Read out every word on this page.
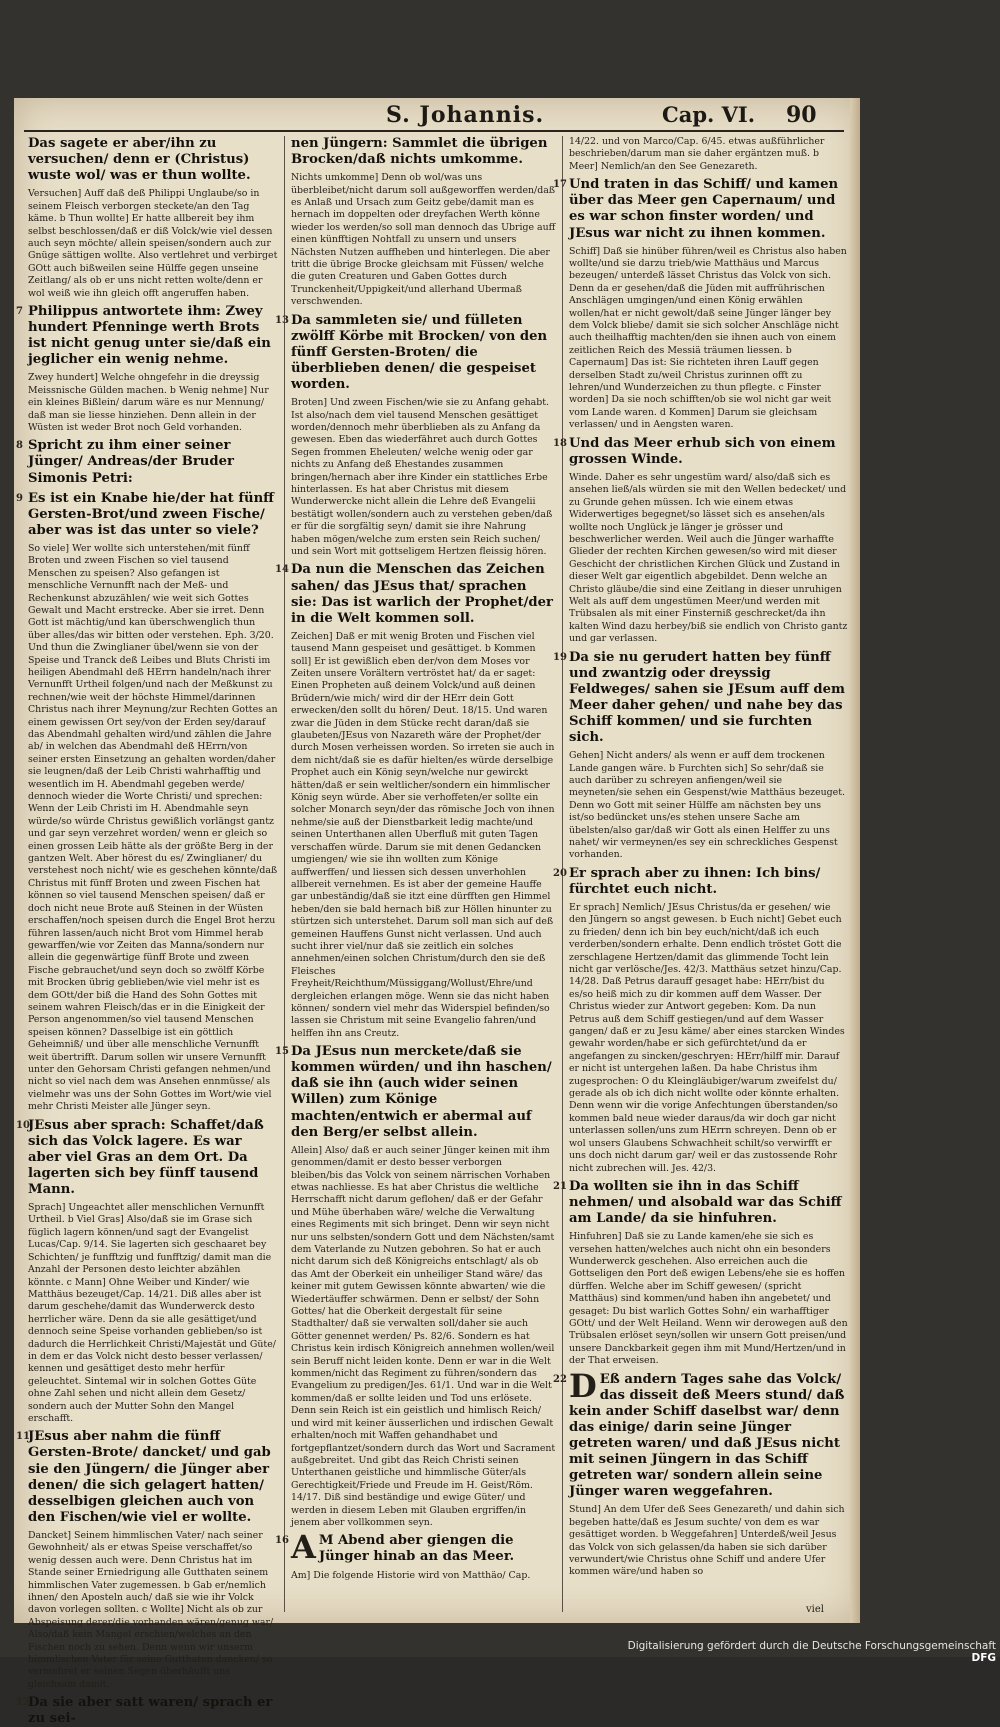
S. Johannis.	Cap. VI. 90
Das sagete er aber/ihn zu versuchen/ denn er (Christus) wuste wol/ was er thun wollte.
Versuchen] Auff daß deß Philippi Unglaube/so in seinem Fleisch verborgen steckete/an den Tag käme. b Thun wollte] Er hatte allbereit bey ihm selbst beschlossen/daß er diß Volck/wie viel dessen auch seyn möchte/ allein speisen/sondern auch zur Gnüge sättigen wollte. Also vertlehret und verbirget GOtt auch bißweilen seine Hülffe gegen unseine Zeitlang/ als ob er uns nicht retten wolte/denn er wol weiß wie ihn gleich offt angeruffen haben.
7 Philippus antwortete ihm: Zwey hundert Pfenninge werth Brots ist nicht genug unter sie/daß ein jeglicher ein wenig nehme.
Zwey hundert] Welche ohngefehr in die dreyssig Meissnische Gülden machen. b Wenig nehme] Nur ein kleines Bißlein/ darum wäre es nur Mennung/ daß man sie liesse hinziehen. Denn allein in der Wüsten ist weder Brot noch Geld vorhanden.
8 Spricht zu ihm einer seiner Jünger/ Andreas/der Bruder Simonis Petri:
9 Es ist ein Knabe hie/der hat fünff Gersten-Brot/und zween Fische/ aber was ist das unter so viele?
So viele] Wer wollte sich unterstehen/mit fünff Broten und zween Fischen so viel tausend Menschen zu speisen? Also gefangen ist menschliche Vernunfft nach der Meß- und Rechenkunst abzuzählen/ wie weit sich Gottes Gewalt und Macht erstrecke. Aber sie irret. Denn Gott ist mächtig/und kan überschwenglich thun über alles/das wir bitten oder verstehen. Eph. 3/20. Und thun die Zwinglianer übel/wenn sie von der Speise und Tranck deß Leibes und Bluts Christi im heiligen Abendmahl deß HErrn handeln/nach ihrer Vernunfft Urtheil folgen/und nach der Meßkunst zu rechnen/wie weit der höchste Himmel/darinnen Christus nach ihrer Meynung/zur Rechten Gottes an einem gewissen Ort sey/von der Erden sey/darauf das Abendmahl gehalten wird/und zählen die Jahre ab/ in welchen das Abendmahl deß HErrn/von seiner ersten Einsetzung an gehalten worden/daher sie leugnen/daß der Leib Christi wahrhafftig und wesentlich im H. Abendmahl gegeben werde/ dennoch wieder die Worte Christi/ und sprechen: Wenn der Leib Christi im H. Abendmahle seyn würde/so würde Christus gewißlich vorlängst gantz und gar seyn verzehret worden/ wenn er gleich so einen grossen Leib hätte als der größte Berg in der gantzen Welt. Aber hörest du es/ Zwinglianer/ du verstehest noch nicht/ wie es geschehen könnte/daß Christus mit fünff Broten und zween Fischen hat können so viel tausend Menschen speisen/ daß er doch nicht neue Brote auß Steinen in der Wüsten erschaffen/noch speisen durch die Engel Brot herzu führen lassen/auch nicht Brot vom Himmel herab gewarffen/wie vor Zeiten das Manna/sondern nur allein die gegenwärtige fünff Brote und zween Fische gebrauchet/und seyn doch so zwölff Körbe mit Brocken übrig geblieben/wie viel mehr ist es dem GOtt/der biß die Hand des Sohn Gottes mit seinem wahren Fleisch/das er in die Einigkeit der Person angenommen/so viel tausend Menschen speisen können? Dasselbige ist ein göttlich Geheimniß/ und über alle menschliche Vernunfft weit übertrifft. Darum sollen wir unsere Vernunfft unter den Gehorsam Christi gefangen nehmen/und nicht so viel nach dem was Ansehen ennmüsse/ als vielmehr was uns der Sohn Gottes im Wort/wie viel mehr Christi Meister alle Jünger seyn.
10
JEsus aber sprach: Schaffet/daß sich das Volck lagere. Es war aber viel Gras an dem Ort. Da lagerten sich bey fünff tausend Mann.
Sprach] Ungeachtet aller menschlichen Vernunfft Urtheil. b Viel Gras] Also/daß sie im Grase sich füglich lagern können/und sagt der Evangelist Lucas/Cap. 9/14. Sie lagerten sich geschaaret bey Schichten/ je funfftzig und funfftzig/ damit man die Anzahl der Personen desto leichter abzählen könnte. c Mann] Ohne Weiber und Kinder/ wie Matthäus bezeuget/Cap. 14/21. Diß alles aber ist darum geschehe/damit das Wunderwerck desto herrlicher wäre. Denn da sie alle gesättiget/und dennoch seine Speise vorhanden geblieben/so ist dadurch die Herrlichkeit Christi/Majestät und Güte/ in dem er das Volck nicht desto besser verlassen/ kennen und gesättiget desto mehr herfür geleuchtet. Sintemal wir in solchen Gottes Güte ohne Zahl sehen und nicht allein dem Gesetz/ sondern auch der Mutter Sohn den Mangel erschafft.
11
JEsus aber nahm die fünff Gersten-Brote/ dancket/ und gab sie den Jüngern/ die Jünger aber denen/ die sich gelagert hatten/ desselbigen gleichen auch von den Fischen/wie viel er wollte.
Dancket] Seinem himmlischen Vater/ nach seiner Gewohnheit/ als er etwas Speise verschaffet/so wenig dessen auch were. Denn Christus hat im Stande seiner Erniedrigung alle Gutthaten seinem himmlischen Vater zugemessen. b Gab er/nemlich ihnen/ den Aposteln auch/ daß sie wie ihr Volck davon vorlegen sollten. c Wollte] Nicht als ob zur Abspeisung derer/die vorhanden wären/genug war/ Also/daß kein Mangel erschien/welches an den Fischen noch zu sehen. Denn wenn wir unserm himmlischen Vater für seine Gutthaten dancken/ so vermehret er seinen Segen überhäufft uns gleichsam damit.
12
Da sie aber satt waren/ sprach er zu sei-
nen Jüngern: Sammlet die übrigen Brocken/daß nichts umkomme.
Nichts umkomme] Denn ob wol/was uns überbleibet/nicht darum soll außgeworffen werden/daß es Anlaß und Ursach zum Geitz gebe/damit man es hernach im doppelten oder dreyfachen Werth könne wieder los werden/so soll man dennoch das Ubrige auff einen künfftigen Nohtfall zu unsern und unsers Nächsten Nutzen auffheben und hinterlegen. Die aber tritt die übrige Brocke gleichsam mit Füssen/ welche die guten Creaturen und Gaben Gottes durch Trunckenheit/Uppigkeit/und allerhand Ubermaß verschwenden.
13 Da sammleten sie/ und fülleten zwölff Körbe mit Brocken/ von den fünff Gersten-Broten/ die überblieben denen/ die gespeiset worden.
Broten] Und zween Fischen/wie sie zu Anfang gehabt. Ist also/nach dem viel tausend Menschen gesättiget worden/dennoch mehr überblieben als zu Anfang da gewesen. Eben das wiederfähret auch durch Gottes Segen frommen Eheleuten/ welche wenig oder gar nichts zu Anfang deß Ehestandes zusammen bringen/hernach aber ihre Kinder ein stattliches Erbe hinterlassen. Es hat aber Christus mit diesem Wunderwercke nicht allein die Lehre deß Evangelii bestätigt wollen/sondern auch zu verstehen geben/daß er für die sorgfältig seyn/ damit sie ihre Nahrung haben mögen/welche zum ersten sein Reich suchen/ und sein Wort mit gottseligem Hertzen fleissig hören.
14 Da nun die Menschen das Zeichen sahen/ das JEsus that/ sprachen sie: Das ist warlich der Prophet/der in die Welt kommen soll.
Zeichen] Daß er mit wenig Broten und Fischen viel tausend Mann gespeiset und gesättiget. b Kommen soll] Er ist gewißlich eben der/von dem Moses vor Zeiten unsere Vorältern vertröstet hat/ da er saget: Einen Propheten auß deinem Volck/und auß deinen Brüdern/wie mich/ wird dir der HErr dein Gott erwecken/den sollt du hören/ Deut. 18/15. Und waren zwar die Jüden in dem Stücke recht daran/daß sie glaubeten/JEsus von Nazareth wäre der Prophet/der durch Mosen verheissen worden. So irreten sie auch in dem nicht/daß sie es dafür hielten/es würde derselbige Prophet auch ein König seyn/welche nur gewirckt hätten/daß er sein weltlicher/sondern ein himmlischer König seyn würde. Aber sie verhoffeten/er sollte ein solcher Monarch seyn/der das römische Joch von ihnen nehme/sie auß der Dienstbarkeit ledig machte/und seinen Unterthanen allen Uberfluß mit guten Tagen verschaffen würde. Darum sie mit denen Gedancken umgiengen/ wie sie ihn wollten zum Könige auffwerffen/ und liessen sich dessen unverhohlen allbereit vernehmen. Es ist aber der gemeine Hauffe gar unbeständig/daß sie itzt eine dürfften gen Himmel heben/den sie bald hernach biß zur Höllen hinunter zu stürtzen sich unterstehet. Darum soll man sich auf deß gemeinen Hauffens Gunst nicht verlassen. Und auch sucht ihrer viel/nur daß sie zeitlich ein solches annehmen/einen solchen Christum/durch den sie deß Fleisches Freyheit/Reichthum/Müssiggang/Wollust/Ehre/und dergleichen erlangen möge. Wenn sie das nicht haben können/ sondern viel mehr das Widerspiel befinden/so lassen sie Christum mit seine Evangelio fahren/und helffen ihn ans Creutz.
15 Da JEsus nun merckete/daß sie kommen würden/ und ihn haschen/ daß sie ihn (auch wider seinen Willen) zum Könige machten/entwich er abermal auf den Berg/er selbst allein.
Allein] Also/ daß er auch seiner Jünger keinen mit ihm genommen/damit er desto besser verborgen bleiben/bis das Volck von seinem närrischen Vorhaben etwas nachliesse. Es hat aber Christus die weltliche Herrschafft nicht darum geflohen/ daß er der Gefahr und Mühe überhaben wäre/ welche die Verwaltung eines Regiments mit sich bringet. Denn wir seyn nicht nur uns selbsten/sondern Gott und dem Nächsten/samt dem Vaterlande zu Nutzen gebohren. So hat er auch nicht darum sich deß Königreichs entschlagt/ als ob das Amt der Oberkeit ein unheiliger Stand wäre/ das keiner mit gutem Gewissen könnte abwarten/ wie die Wiedertäuffer schwärmen. Denn er selbst/ der Sohn Gottes/ hat die Oberkeit dergestalt für seine Stadthalter/ daß sie verwalten soll/daher sie auch Götter genennet werden/ Ps. 82/6. Sondern es hat Christus kein irdisch Königreich annehmen wollen/weil sein Beruff nicht leiden konte. Denn er war in die Welt kommen/nicht das Regiment zu führen/sondern das Evangelium zu predigen/Jes. 61/1. Und war in die Welt kommen/daß er sollte leiden und Tod uns erlösete. Denn sein Reich ist ein geistlich und himlisch Reich/ und wird mit keiner äusserlichen und irdischen Gewalt erhalten/noch mit Waffen gehandhabet und fortgepflantzet/sondern durch das Wort und Sacrament außgebreitet. Und gibt das Reich Christi seinen Unterthanen geistliche und himmlische Güter/als Gerechtigkeit/Friede und Freude im H. Geist/Röm. 14/17. Diß sind beständige und ewige Güter/ und werden in diesem Leben mit Glauben ergriffen/in jenem aber vollkommen seyn.
16 A M Abend aber giengen die Jünger hinab an das Meer.
Am] Die folgende Historie wird von Matthäo/ Cap.
14/22. und von Marco/Cap. 6/45. etwas außführlicher beschrieben/darum man sie daher ergäntzen muß. b Meer] Nemlich/an den See Genezareth.
17 Und traten in das Schiff/ und kamen über das Meer gen Capernaum/ und es war schon finster worden/ und JEsus war nicht zu ihnen kommen.
Schiff] Daß sie hinüber führen/weil es Christus also haben wollte/und sie darzu trieb/wie Matthäus und Marcus bezeugen/ unterdeß lässet Christus das Volck von sich. Denn da er gesehen/daß die Jüden mit auffrührischen Anschlägen umgingen/und einen König erwählen wollen/hat er nicht gewolt/daß seine Jünger länger bey dem Volck bliebe/ damit sie sich solcher Anschläge nicht auch theilhafftig machten/den sie ihnen auch von einem zeitlichen Reich des Messiä träumen liessen. b Capernaum] Das ist: Sie richteten ihren Lauff gegen derselben Stadt zu/weil Christus zurinnen offt zu lehren/und Wunderzeichen zu thun pflegte. c Finster worden] Da sie noch schifften/ob sie wol nicht gar weit vom Lande waren. d Kommen] Darum sie gleichsam verlassen/ und in Aengsten waren.
18 Und das Meer erhub sich von einem grossen Winde.
Winde. Daher es sehr ungestüm ward/ also/daß sich es ansehen ließ/als würden sie mit den Wellen bedecket/ und zu Grunde gehen müssen. Ich wie einem etwas Widerwertiges begegnet/so lässet sich es ansehen/als wollte noch Unglück je länger je grösser und beschwerlicher werden. Weil auch die Jünger warhaffte Glieder der rechten Kirchen gewesen/so wird mit dieser Geschicht der christlichen Kirchen Glück und Zustand in dieser Welt gar eigentlich abgebildet. Denn welche an Christo gläube/die sind eine Zeitlang in dieser unruhigen Welt als auff dem ungestümen Meer/und werden mit Trübsalen als mit einer Finsterniß geschrecket/da ihn kalten Wind dazu herbey/biß sie endlich von Christo gantz und gar verlassen.
19 Da sie nu gerudert hatten bey fünff und zwantzig oder dreyssig Feldweges/ sahen sie JEsum auff dem Meer daher gehen/ und nahe bey das Schiff kommen/ und sie furchten sich.
Gehen] Nicht anders/ als wenn er auff dem trockenen Lande gangen wäre. b Furchten sich] So sehr/daß sie auch darüber zu schreyen anfiengen/weil sie meyneten/sie sehen ein Gespenst/wie Matthäus bezeuget. Denn wo Gott mit seiner Hülffe am nächsten bey uns ist/so bedüncket uns/es stehen unsere Sache am übelsten/also gar/daß wir Gott als einen Helffer zu uns nahet/ wir vermeynen/es sey ein schreckliches Gespenst vorhanden.
20 Er sprach aber zu ihnen: Ich bins/ fürchtet euch nicht.
Er sprach] Nemlich/ JEsus Christus/da er gesehen/ wie den Jüngern so angst gewesen. b Euch nicht] Gebet euch zu frieden/ denn ich bin bey euch/nicht/daß ich euch verderben/sondern erhalte. Denn endlich tröstet Gott die zerschlagene Hertzen/damit das glimmende Tocht lein nicht gar verlösche/Jes. 42/3. Matthäus setzet hinzu/Cap. 14/28. Daß Petrus darauff gesaget habe: HErr/bist du es/so heiß mich zu dir kommen auff dem Wasser. Der Christus wieder zur Antwort gegeben: Kom. Da nun Petrus auß dem Schiff gestiegen/und auf dem Wasser gangen/ daß er zu Jesu käme/ aber eines starcken Windes gewahr worden/habe er sich gefürchtet/und da er angefangen zu sincken/geschryen: HErr/hilff mir. Darauf er nicht ist untergehen laßen. Da habe Christus ihm zugesprochen: O du Kleingläubiger/warum zweifelst du/ gerade als ob ich dich nicht wollte oder könnte erhalten. Denn wenn wir die vorige Anfechtungen überstanden/so kommen bald neue wieder daraus/da wir doch gar nicht unterlassen sollen/uns zum HErrn schreyen. Denn ob er wol unsers Glaubens Schwachheit schilt/so verwirfft er uns doch nicht darum gar/ weil er das zustossende Rohr nicht zubrechen will. Jes. 42/3.
21 Da wollten sie ihn in das Schiff nehmen/ und alsobald war das Schiff am Lande/ da sie hinfuhren.
Hinfuhren] Daß sie zu Lande kamen/ehe sie sich es versehen hatten/welches auch nicht ohn ein besonders Wunderwerck geschehen. Also erreichen auch die Gottseligen den Port deß ewigen Lebens/ehe sie es hoffen dürffen. Welche aber im Schiff gewesen/ (spricht Matthäus) sind kommen/und haben ihn angebetet/ und gesaget: Du bist warlich Gottes Sohn/ ein warhafftiger GOtt/ und der Welt Heiland. Wenn wir derowegen auß den Trübsalen erlöset seyn/sollen wir unsern Gott preisen/und unsere Danckbarkeit gegen ihm mit Mund/Hertzen/und in der That erweisen.
22 D Eß andern Tages sahe das Volck/ das disseit deß Meers stund/ daß kein ander Schiff daselbst war/ denn das einige/ darin seine Jünger getreten waren/ und daß JEsus nicht mit seinen Jüngern in das Schiff getreten war/ sondern allein seine Jünger waren weggefahren.
Stund] An dem Ufer deß Sees Genezareth/ und dahin sich begeben hatte/daß es Jesum suchte/ von dem es war gesättiget worden. b Weggefahren] Unterdeß/weil Jesus das Volck von sich gelassen/da haben sie sich darüber verwundert/wie Christus ohne Schiff und andere Ufer kommen wäre/und haben so
viel
Digitalisierung gefördert durch die Deutsche Forschungsgemeinschaft DFG
